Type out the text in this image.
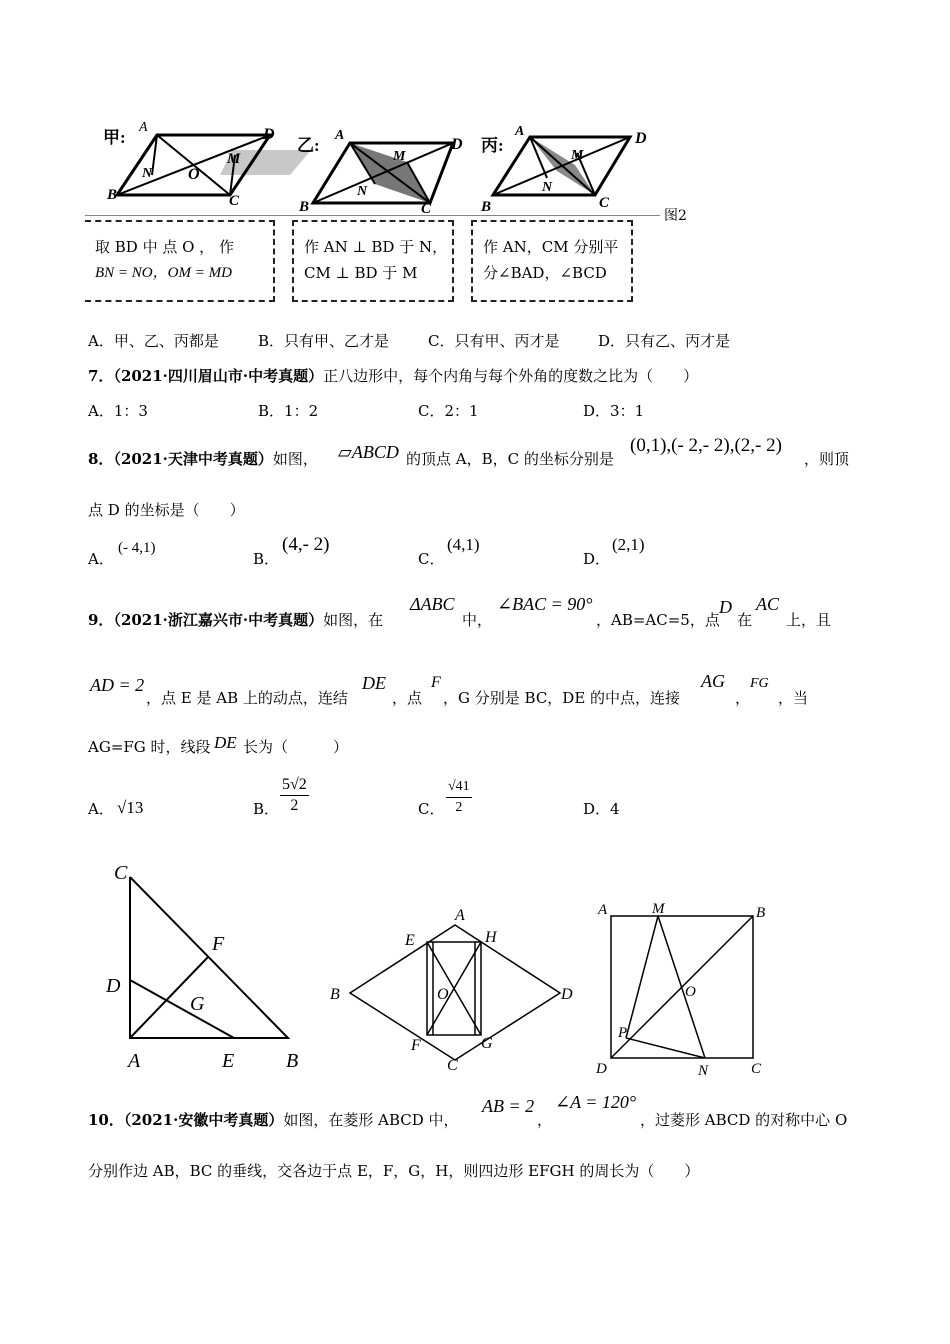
甲:
A	D
M
N O
B	C
乙:
A
D
M
N
B	C
丙:
A	D
M
N
B	C
图2
取 BD 中 点 O ， 作
BN = NO，OM = MD
作 AN ⊥ BD 于 N，
CM ⊥ BD 于 M
作 AN，CM 分别平
分∠BAD，∠BCD
A．甲、乙、丙都是	B．只有甲、乙才是	C．只有甲、丙才是	D．只有乙、丙才是
7．（2021·四川眉山市·中考真题）正八边形中，每个内角与每个外角的度数之比为（　　）
A．1：3	B．1：2	C．2：1	D．3：1
8．（2021·天津中考真题）如图， ▱ABCD 的顶点 A，B，C 的坐标分别是
(0,1),(- 2,- 2),(2,- 2)
，则顶
点 D 的坐标是（　　）
A．
(- 4,1)
B．
(4,- 2)
C．
(4,1)
D．
(2,1)
9．（2021·浙江嘉兴市·中考真题）如图，在
ΔABC
中，
∠BAC = 90°
，AB=AC=5，点
D
在
AC
上，且
AD = 2
，点 E 是 AB 上的动点，连结
DE
，点
F
，G 分别是 BC，DE 的中点，连接
AG
，
FG
，当
AG=FG 时，线段 DE 长为（　　　）
A． √13	B． $\frac{5√2}{2}$	C． $\frac{√41}{2}$	D．4
C
F
D
G
A	E	B
A
E	H
B	O	D
F	G
C
A	M	B
O
P
D	N	C
10．（2021·安徽中考真题）如图，在菱形 ABCD 中，
AB = 2
，
∠A = 120°
，过菱形 ABCD 的对称中心 O
分别作边 AB，BC 的垂线，交各边于点 E，F，G，H，则四边形 EFGH 的周长为（　　）
